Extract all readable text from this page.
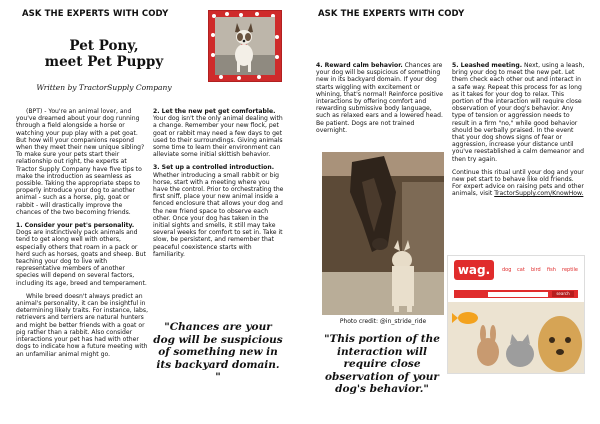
ASK THE EXPERTS WITH CODY
Pet Pony,
meet Pet Puppy
Written by TractorSupply Company

(BPT) - You're an animal lover, and you've dreamed about your dog running through a field alongside a horse or watching your pup play with a pet goat. But how will your companions respond when they meet their new unique sibling? To make sure your pets start their relationship out right, the experts at Tractor Supply Company have five tips to make the introduction as seamless as possible. Taking the appropriate steps to properly introduce your dog to another animal - such as a horse, pig, goat or rabbit - will drastically improve the chances of the two becoming friends.

1. Consider your pet's personality. Dogs are instinctively pack animals and tend to get along well with others, especially others that roam in a pack or herd such as horses, goats and sheep. But teaching your dog to live with representative members of another species will depend on several factors, including its age, breed and temperament.

While breed doesn't always predict an animal's personality, it can be insightful in determining likely traits. For instance, labs, retrievers and terriers are natural hunters and might be better friends with a goat or pig rather than a rabbit. Also consider interactions your pet has had with other dogs to indicate how a future meeting with an unfamiliar animal might go.

2. Let the new pet get comfortable. Your dog isn't the only animal dealing with a change. Remember your new flock, pet goat or rabbit may need a few days to get used to their surroundings. Giving animals some time to learn their environment can alleviate some initial skittish behavior.

3. Set up a controlled introduction. Whether introducing a small rabbit or big horse, start with a meeting where you have the control. Prior to orchestrating the first sniff, place your new animal inside a fenced enclosure that allows your dog and the new friend space to observe each other. Once your dog has taken in the initial sights and smells, it still may take several weeks for comfort to set in. Take it slow, be persistent, and remember that peaceful coexistence starts with familiarity.

"Chances are your dog will be suspicious of something new in its backyard domain. "
ASK THE EXPERTS WITH CODY

4. Reward calm behavior. Chances are your dog will be suspicious of something new in its backyard domain. If your dog starts wiggling with excitement or whining, that's normal! Reinforce positive interactions by offering comfort and rewarding submissive body language, such as relaxed ears and a lowered head. Be patient. Dogs are not trained overnight.

Photo credit: @in_stride_ride
"This portion of the interaction will require close observation of your dog's behavior."

5. Leashed meeting. Next, using a leash, bring your dog to meet the new pet. Let them check each other out and interact in a safe way. Repeat this process for as long as it takes for your dog to relax. This portion of the interaction will require close observation of your dog's behavior. Any type of tension or aggression needs to result in a firm "no," while good behavior should be verbally praised. In the event that your dog shows signs of fear or aggression, increase your distance until you've reestablished a calm demeanor and then try again.

Continue this ritual until your dog and your new pet start to behave like old friends. For expert advice on raising pets and other animals, visit TractorSupply.com/KnowHow.

wag.	dog cat bird fish reptile
search
